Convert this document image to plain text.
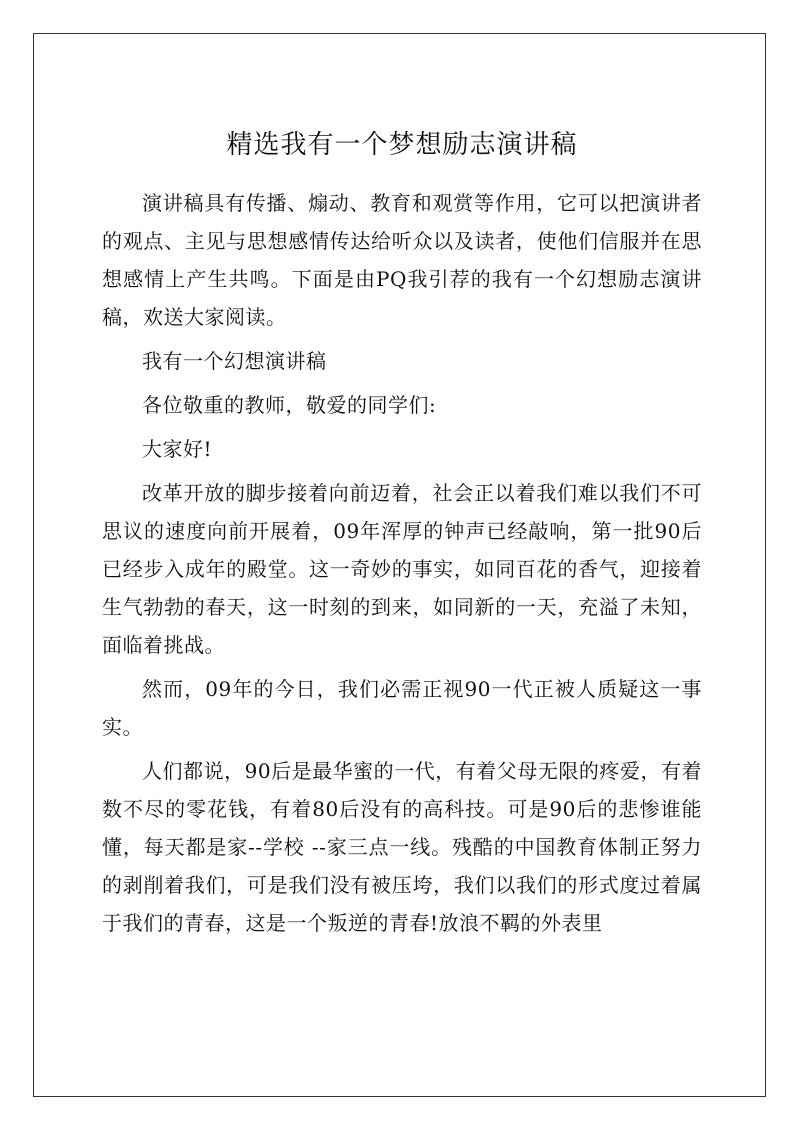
精选我有一个梦想励志演讲稿

演讲稿具有传播、煽动、教育和观赏等作用，它可以把演讲者的观点、主见与思想感情传达给听众以及读者，使他们信服并在思想感情上产生共鸣。下面是由PQ我引荐的我有一个幻想励志演讲稿，欢送大家阅读。

我有一个幻想演讲稿

各位敬重的教师，敬爱的同学们:

大家好!

改革开放的脚步接着向前迈着，社会正以着我们难以我们不可思议的速度向前开展着，09年浑厚的钟声已经敲响，第一批90后已经步入成年的殿堂。这一奇妙的事实，如同百花的香气，迎接着生气勃勃的春天，这一时刻的到来，如同新的一天，充溢了未知，面临着挑战。

然而，09年的今日，我们必需正视90一代正被人质疑这一事实。

人们都说，90后是最华蜜的一代，有着父母无限的疼爱，有着数不尽的零花钱，有着80后没有的高科技。可是90后的悲惨谁能懂，每天都是家--学校 --家三点一线。残酷的中国教育体制正努力的剥削着我们，可是我们没有被压垮，我们以我们的形式度过着属于我们的青春，这是一个叛逆的青春!放浪不羁的外表里
